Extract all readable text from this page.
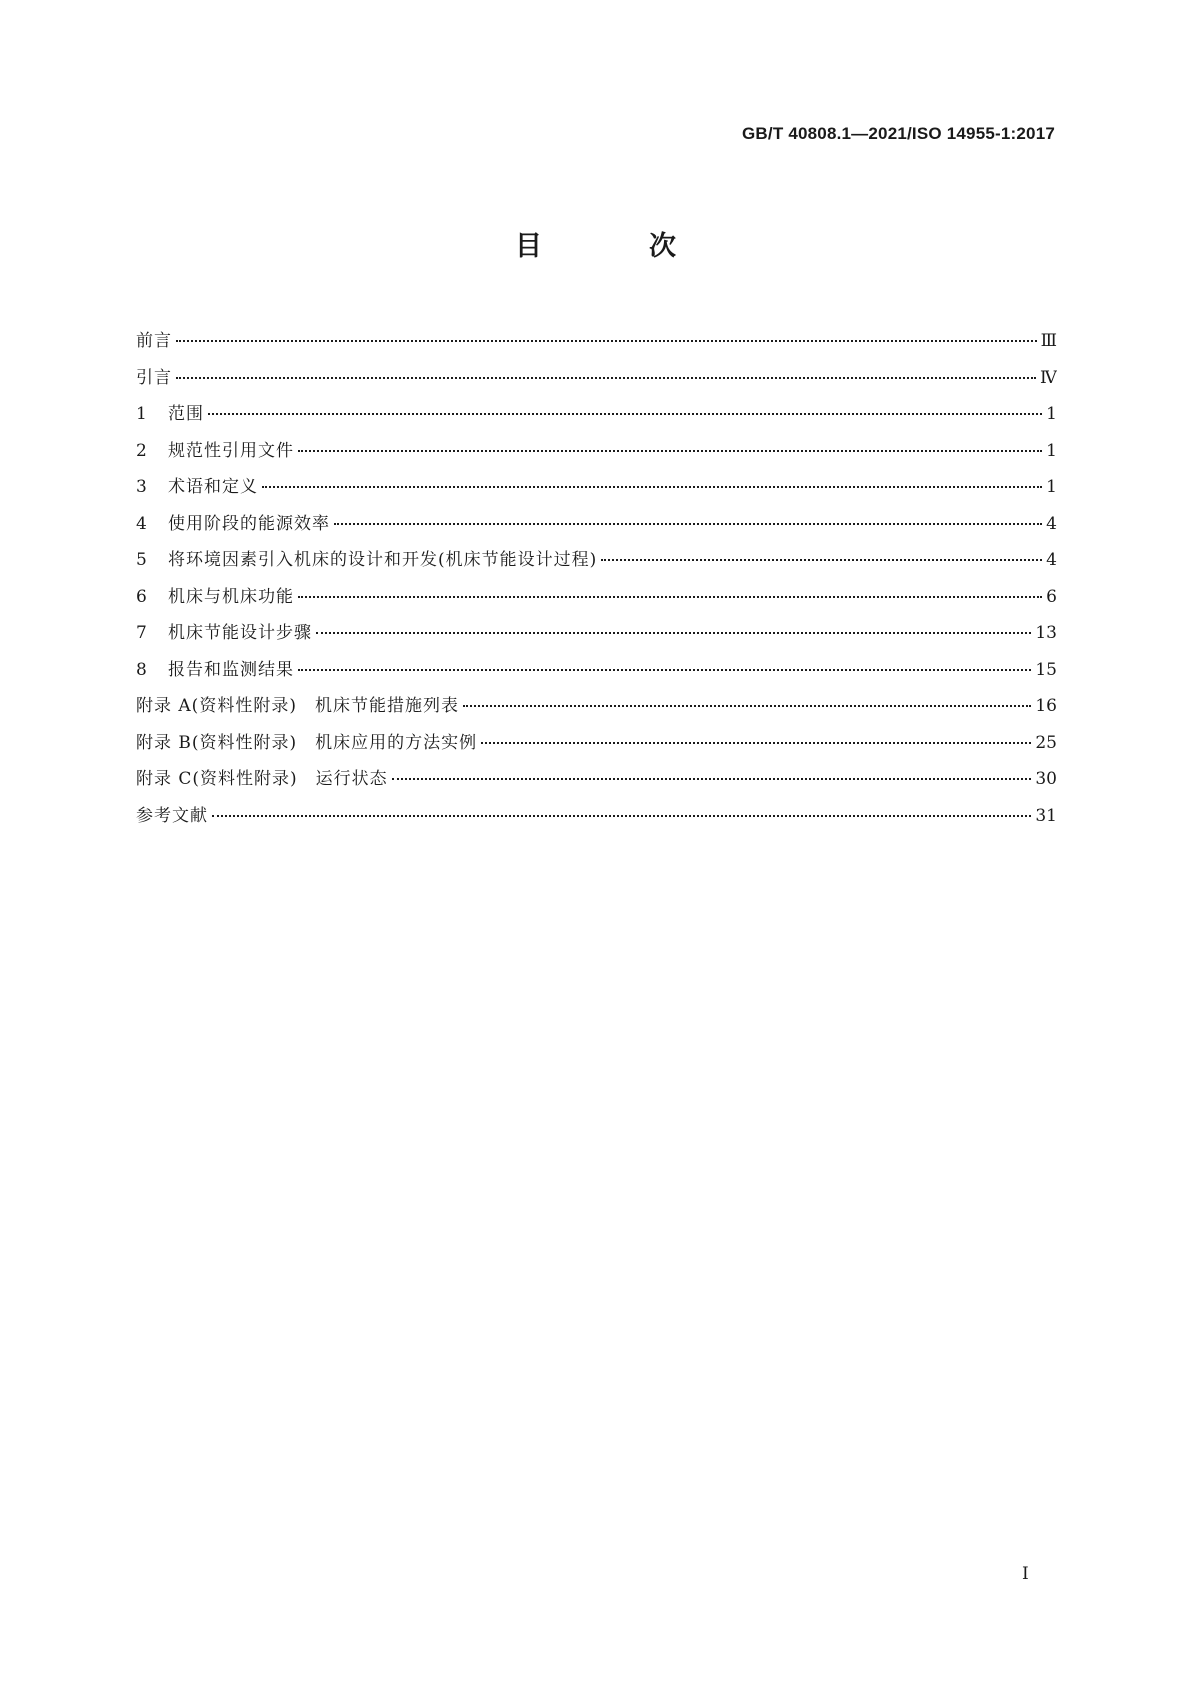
GB/T 40808.1—2021/ISO 14955-1:2017
目　次
前言	Ⅲ
引言	Ⅳ
1	范围	1
2	规范性引用文件	1
3	术语和定义	1
4	使用阶段的能源效率	4
5	将环境因素引入机床的设计和开发(机床节能设计过程)	4
6	机床与机床功能	6
7	机床节能设计步骤	13
8	报告和监测结果	15
附录 A(资料性附录)　机床节能措施列表	16
附录 B(资料性附录)　机床应用的方法实例	25
附录 C(资料性附录)　运行状态	30
参考文献	31
I
